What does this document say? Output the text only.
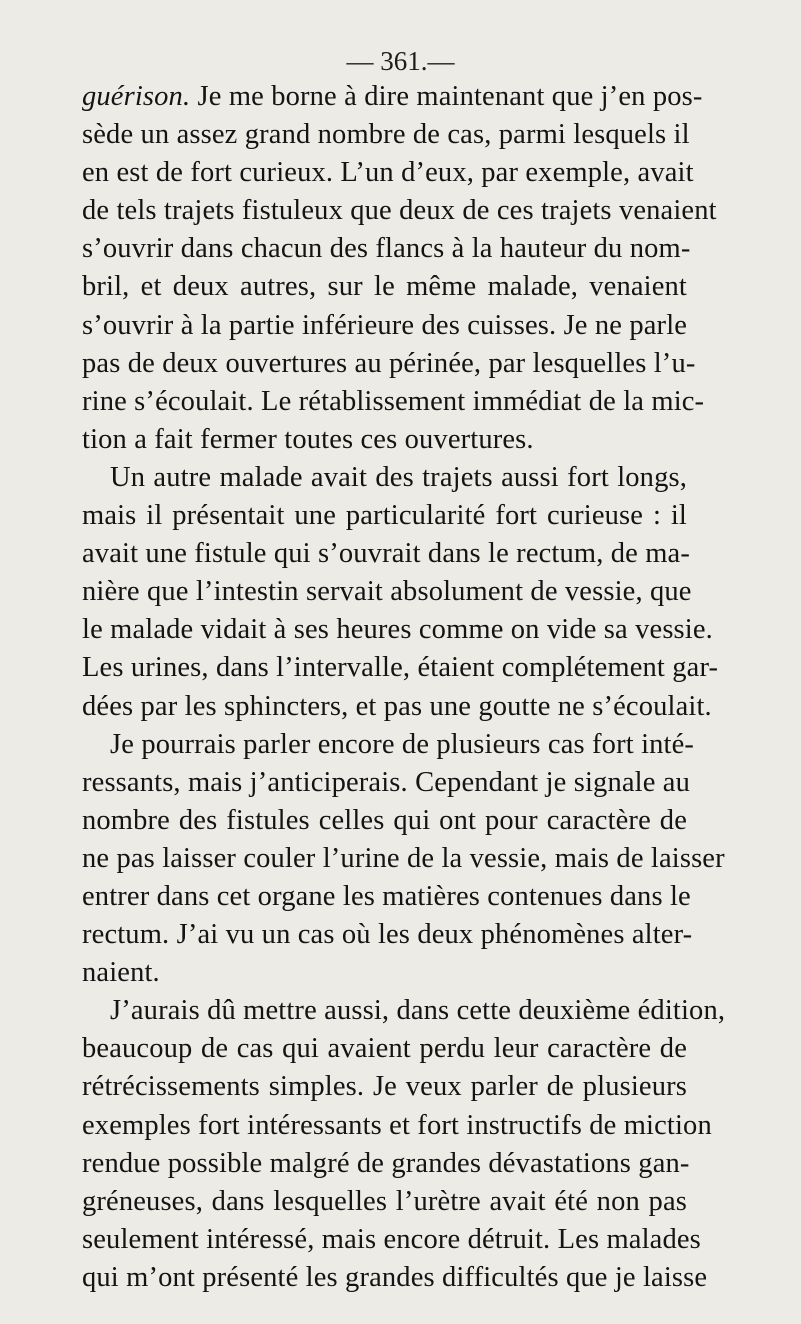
— 361.—
guérison. Je me borne à dire maintenant que j’en pos-
sède un assez grand nombre de cas, parmi lesquels il
en est de fort curieux. L’un d’eux, par exemple, avait
de tels trajets fistuleux que deux de ces trajets venaient
s’ouvrir dans chacun des flancs à la hauteur du nom-
bril, et deux autres, sur le même malade, venaient
s’ouvrir à la partie inférieure des cuisses. Je ne parle
pas de deux ouvertures au périnée, par lesquelles l’u-
rine s’écoulait. Le rétablissement immédiat de la mic-
tion a fait fermer toutes ces ouvertures.
Un autre malade avait des trajets aussi fort longs,
mais il présentait une particularité fort curieuse : il
avait une fistule qui s’ouvrait dans le rectum, de ma-
nière que l’intestin servait absolument de vessie, que
le malade vidait à ses heures comme on vide sa vessie.
Les urines, dans l’intervalle, étaient complétement gar-
dées par les sphincters, et pas une goutte ne s’écoulait.
Je pourrais parler encore de plusieurs cas fort inté-
ressants, mais j’anticiperais. Cependant je signale au
nombre des fistules celles qui ont pour caractère de
ne pas laisser couler l’urine de la vessie, mais de laisser
entrer dans cet organe les matières contenues dans le
rectum. J’ai vu un cas où les deux phénomènes alter-
naient.
J’aurais dû mettre aussi, dans cette deuxième édition,
beaucoup de cas qui avaient perdu leur caractère de
rétrécissements simples. Je veux parler de plusieurs
exemples fort intéressants et fort instructifs de miction
rendue possible malgré de grandes dévastations gan-
gréneuses, dans lesquelles l’urètre avait été non pas
seulement intéressé, mais encore détruit. Les malades
qui m’ont présenté les grandes difficultés que je laisse
